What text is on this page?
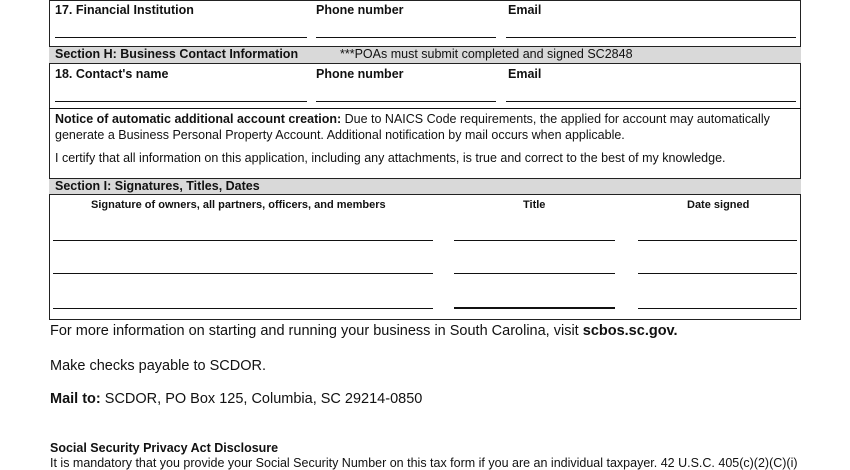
17. Financial Institution	Phone number	Email
Section H: Business Contact Information	***POAs must submit completed and signed SC2848
18. Contact's name	Phone number	Email
Notice of automatic additional account creation: Due to NAICS Code requirements, the applied for account may automatically
generate a Business Personal Property Account. Additional notification by mail occurs when applicable.
I certify that all information on this application, including any attachments, is true and correct to the best of my knowledge.
Section I: Signatures, Titles, Dates
Signature of owners, all partners, officers, and members	Title	Date signed
For more information on starting and running your business in South Carolina, visit scbos.sc.gov.
Make checks payable to SCDOR.
Mail to: SCDOR, PO Box 125, Columbia, SC 29214-0850
Social Security Privacy Act Disclosure
It is mandatory that you provide your Social Security Number on this tax form if you are an individual taxpayer. 42 U.S.C. 405(c)(2)(C)(i)
